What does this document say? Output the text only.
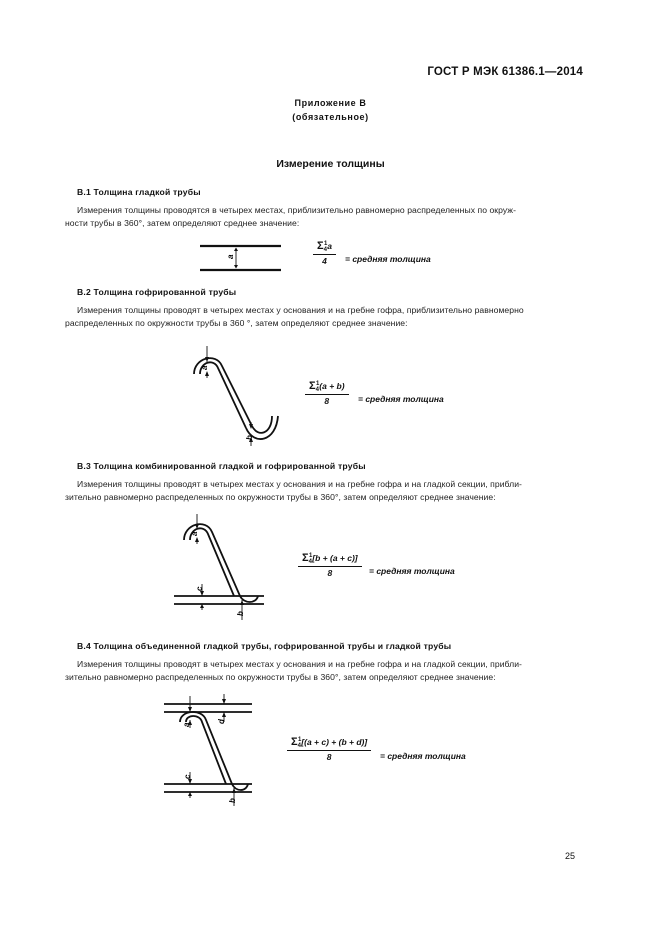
ГОСТ Р МЭК 61386.1—2014
Приложение В
(обязательное)
Измерение толщины
В.1 Толщина гладкой трубы
Измерения толщины проводятся в четырех местах, приблизительно равномерно распределенных по окруж-
ности трубы в 360°, затем определяют среднее значение:
a	$\frac{\Sigma_4^1a}{4}$ = средняя толщина
В.2 Толщина гофрированной трубы
Измерения толщины проводят в четырех местах у основания и на гребне гофра, приблизительно равномерно
распределенных по окружности трубы в 360 °, затем определяют среднее значение:
a
b
$\frac{\Sigma_4^1(a + b)}{8}$ = средняя толщина
В.3 Толщина комбинированной гладкой и гофрированной трубы
Измерения толщины проводят в четырех местах у основания и на гребне гофра и на гладкой секции, прибли-
зительно равномерно распределенных по окружности трубы в 360°, затем определяют среднее значение:
a
c
b
$\frac{\Sigma_4^1[b + (a + c)]}{8}$ = средняя толщина
В.4 Толщина объединенной гладкой трубы, гофрированной трубы и гладкой трубы
Измерения толщины проводят в четырех местах у основания и на гребне гофра и на гладкой секции, прибли-
зительно равномерно распределенных по окружности трубы в 360°, затем определяют среднее значение:
a
d
c
b
$\frac{\Sigma_4^1[(a + c) + (b + d)]}{8}$ = средняя толщина
25
